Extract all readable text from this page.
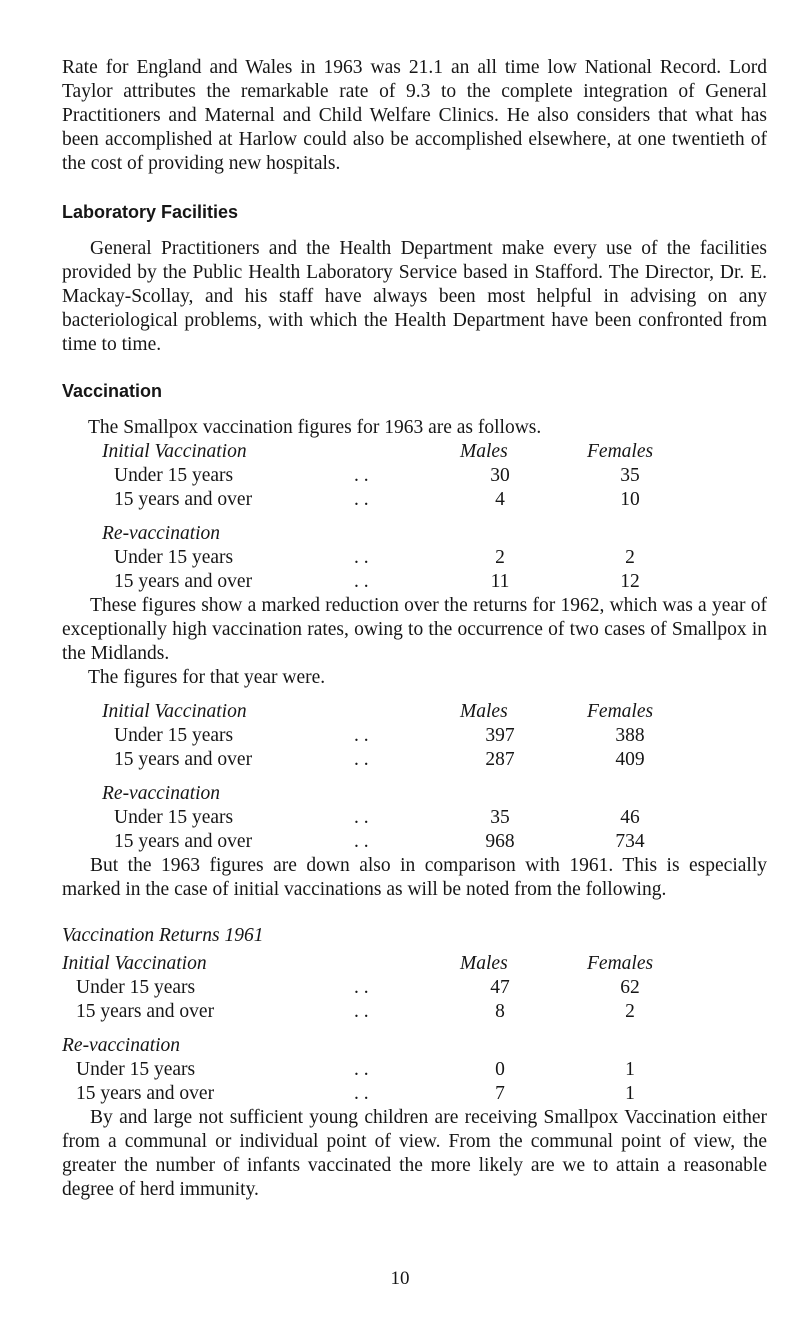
Rate for England and Wales in 1963 was 21.1 an all time low National Record. Lord Taylor attributes the remarkable rate of 9.3 to the complete integration of General Practitioners and Maternal and Child Welfare Clinics. He also considers that what has been accomplished at Harlow could also be accomplished elsewhere, at one twentieth of the cost of providing new hospitals.

Laboratory Facilities

General Practitioners and the Health Department make every use of the facilities provided by the Public Health Laboratory Service based in Stafford. The Director, Dr. E. Mackay-Scollay, and his staff have always been most helpful in advising on any bacteriological problems, with which the Health Department have been confronted from time to time.

Vaccination
The Smallpox vaccination figures for 1963 are as follows.
Initial Vaccination	Males	Females
Under 15 years	. .	30	35
15 years and over	. .	4	10
Re-vaccination
Under 15 years	. .	2	2
15 years and over	. .	11	12

These figures show a marked reduction over the returns for 1962, which was a year of exceptionally high vaccination rates, owing to the occurrence of two cases of Smallpox in the Midlands.

The figures for that year were.
Initial Vaccination	Males	Females
Under 15 years	. .	397	388
15 years and over	. .	287	409
Re-vaccination
Under 15 years	. .	35	46
15 years and over	. .	968	734

But the 1963 figures are down also in comparison with 1961. This is especially marked in the case of initial vaccinations as will be noted from the following.

Vaccination Returns 1961
Initial Vaccination	Males	Females
Under 15 years	. .	47	62
15 years and over	. .	8	2
Re-vaccination
Under 15 years	. .	0	1
15 years and over	. .	7	1

By and large not sufficient young children are receiving Smallpox Vaccination either from a communal or individual point of view. From the communal point of view, the greater the number of infants vaccinated the more likely are we to attain a reasonable degree of herd immunity.

10
